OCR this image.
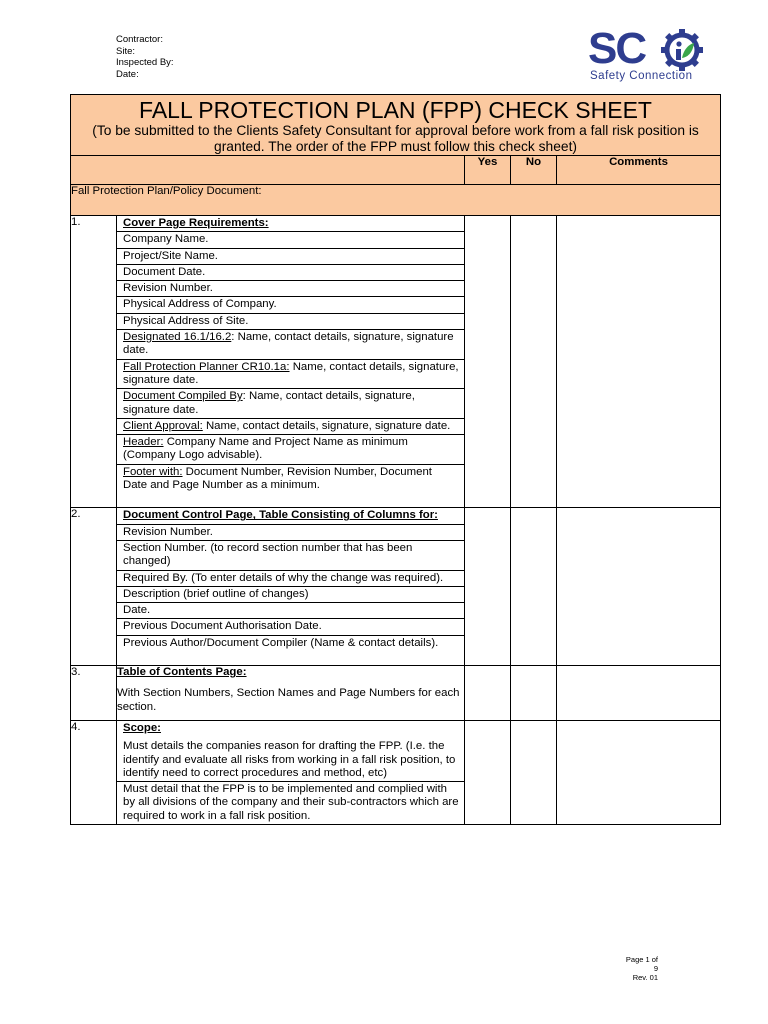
Contractor:
Site:
Inspected By:
Date:
SC
Safety Connection
FALL PROTECTION PLAN (FPP) CHECK SHEET
(To be submitted to the Clients Safety Consultant for approval before work from a fall risk position is granted. The order of the FPP must follow this check sheet)

	Yes	No	Comments
Fall Protection Plan/Policy Document:
1.		Cover Page Requirements:
Company Name.
Project/Site Name.
Document Date.
Revision Number.
Physical Address of Company.
Physical Address of Site.
Designated 16.1/16.2: Name, contact details, signature, signature date.
Fall Protection Planner CR10.1a: Name, contact details, signature, signature date.
Document Compiled By: Name, contact details, signature, signature date.
Client Approval: Name, contact details, signature, signature date.
Header: Company Name and Project Name as minimum (Company Logo advisable).
Footer with: Document Number, Revision Number, Document Date and Page Number as a minimum.

2.		Document Control Page, Table Consisting of Columns for:
Revision Number.
Section Number. (to record section number that has been changed)
Required By. (To enter details of why the change was required).
Description (brief outline of changes)
Date.
Previous Document Authorisation Date.
Previous Author/Document Compiler (Name & contact details).

3.	Table of Contents Page:
With Section Numbers, Section Names and Page Numbers for each section.

4.		Scope:
Must details the companies reason for drafting the FPP. (I.e. the identify and evaluate all risks from working in a fall risk position, to identify need to correct procedures and method, etc)

Must detail that the FPP is to be implemented and complied with by all divisions of the company and their sub-contractors which are required to work in a fall risk position.

Page 1 of 9
Rev. 01
